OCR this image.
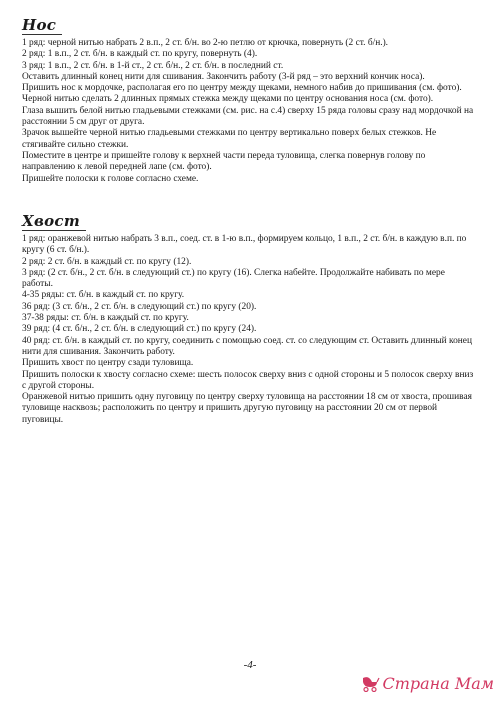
Нос

1 ряд: черной нитью набрать 2 в.п., 2 ст. б/н. во 2-ю петлю от крючка, повернуть (2 ст. б/н.).

2 ряд: 1 в.п., 2 ст. б/н. в каждый ст. по кругу, повернуть (4).

3 ряд: 1 в.п., 2 ст. б/н. в 1-й ст., 2 ст. б/н., 2 ст. б/н. в последний ст.

Оставить длинный конец нити для сшивания. Закончить работу (3-й ряд – это верхний кончик носа).

Пришить нос к мордочке, располагая его по центру между щеками, немного набив до пришивания (см. фото).

Черной нитью сделать 2 длинных прямых стежка между щеками по центру основания носа (см. фото).

Глаза вышить белой нитью гладьевыми стежками (см. рис. на с.4) сверху 15 ряда головы сразу над мордочкой на расстоянии 5 см друг от друга.

Зрачок вышейте черной нитью гладьевыми стежками по центру вертикально поверх белых стежков. Не стягивайте сильно стежки.

Поместите в центре и пришейте голову к верхней части переда туловища, слегка повернув голову по направлению к левой передней лапе (см. фото).

Пришейте полоски к голове согласно схеме.

Хвост

1 ряд: оранжевой нитью набрать 3 в.п., соед. ст. в 1-ю в.п., формируем кольцо, 1 в.п., 2 ст. б/н. в каждую в.п. по кругу (6 ст. б/н.).

2 ряд: 2 ст. б/н. в каждый ст. по кругу (12).

3 ряд: (2 ст. б/н., 2 ст. б/н. в следующий ст.) по кругу (16). Слегка набейте. Продолжайте набивать по мере работы.

4-35 ряды: ст. б/н. в каждый ст. по кругу.

36 ряд: (3 ст. б/н., 2 ст. б/н. в следующий ст.) по кругу (20).

37-38 ряды: ст. б/н. в каждый ст. по кругу.

39 ряд: (4 ст. б/н., 2 ст. б/н. в следующий ст.) по кругу (24).

40 ряд: ст. б/н. в каждый ст. по кругу, соединить с помощью соед. ст. со следующим ст. Оставить длинный конец нити для сшивания. Закончить работу.

Пришить хвост по центру сзади туловища.

Пришить полоски к хвосту согласно схеме: шесть полосок сверху вниз с одной стороны и 5 полосок сверху вниз с другой стороны.

Оранжевой нитью пришить одну пуговицу по центру сверху туловища на расстоянии 18 см от хвоста, прошивая туловище насквозь; расположить по центру и пришить другую пуговицу на расстоянии 20 см от первой пуговицы.

-4-
Страна Мам
